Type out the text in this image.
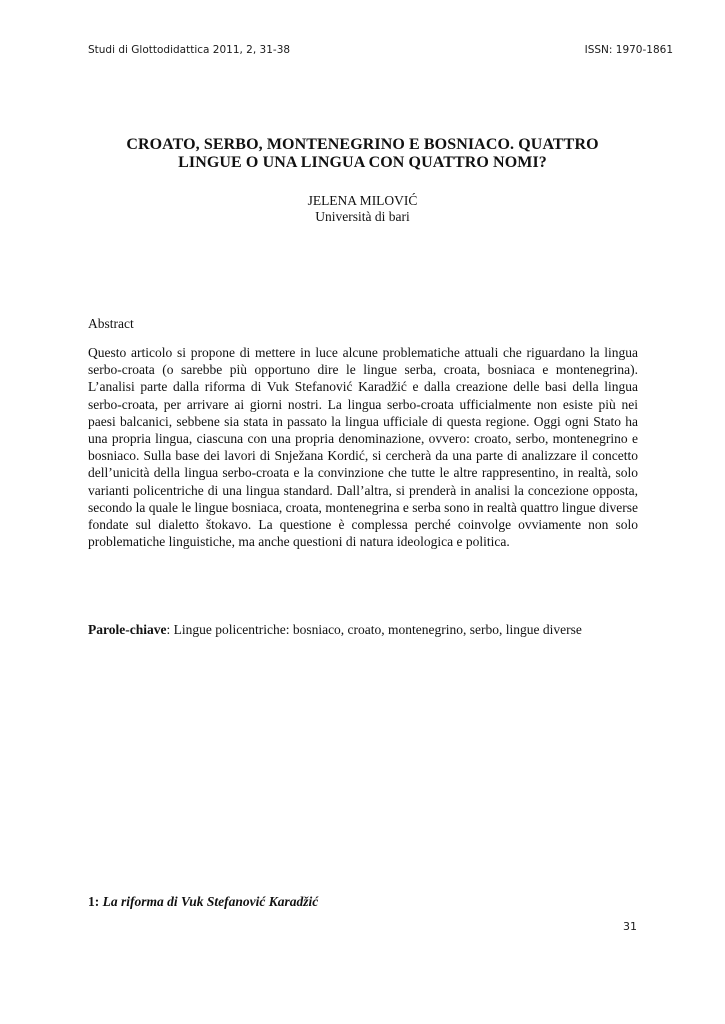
Studi di Glottodidattica 2011, 2, 31-38	ISSN: 1970-1861
CROATO, SERBO, MONTENEGRINO E BOSNIACO. QUATTRO
LINGUE O UNA LINGUA CON QUATTRO NOMI?
JELENA MILOVIĆ
Università di bari
Abstract
Questo articolo si propone di mettere in luce alcune problematiche attuali che riguardano la lingua serbo-croata (o sarebbe più opportuno dire le lingue serba, croata, bosniaca e montenegrina). L’analisi parte dalla riforma di Vuk Stefanović Karadžić e dalla creazione delle basi della lingua serbo-croata, per arrivare ai giorni nostri. La lingua serbo-croata ufficialmente non esiste più nei paesi balcanici, sebbene sia stata in passato la lingua ufficiale di questa regione. Oggi ogni Stato ha una propria lingua, ciascuna con una propria denominazione, ovvero: croato, serbo, montenegrino e bosniaco. Sulla base dei lavori di Snježana Kordić, si cercherà da una parte di analizzare il concetto dell’unicità della lingua serbo-croata e la convinzione che tutte le altre rappresentino, in realtà, solo varianti policentriche di una lingua standard. Dall’altra, si prenderà in analisi la concezione opposta, secondo la quale le lingue bosniaca, croata, montenegrina e serba sono in realtà quattro lingue diverse fondate sul dialetto štokavo. La questione è complessa perché coinvolge ovviamente non solo problematiche linguistiche, ma anche questioni di natura ideologica e politica.
Parole-chiave: Lingue policentriche: bosniaco, croato, montenegrino, serbo, lingue diverse
1: La riforma di Vuk Stefanović Karadžić
31
